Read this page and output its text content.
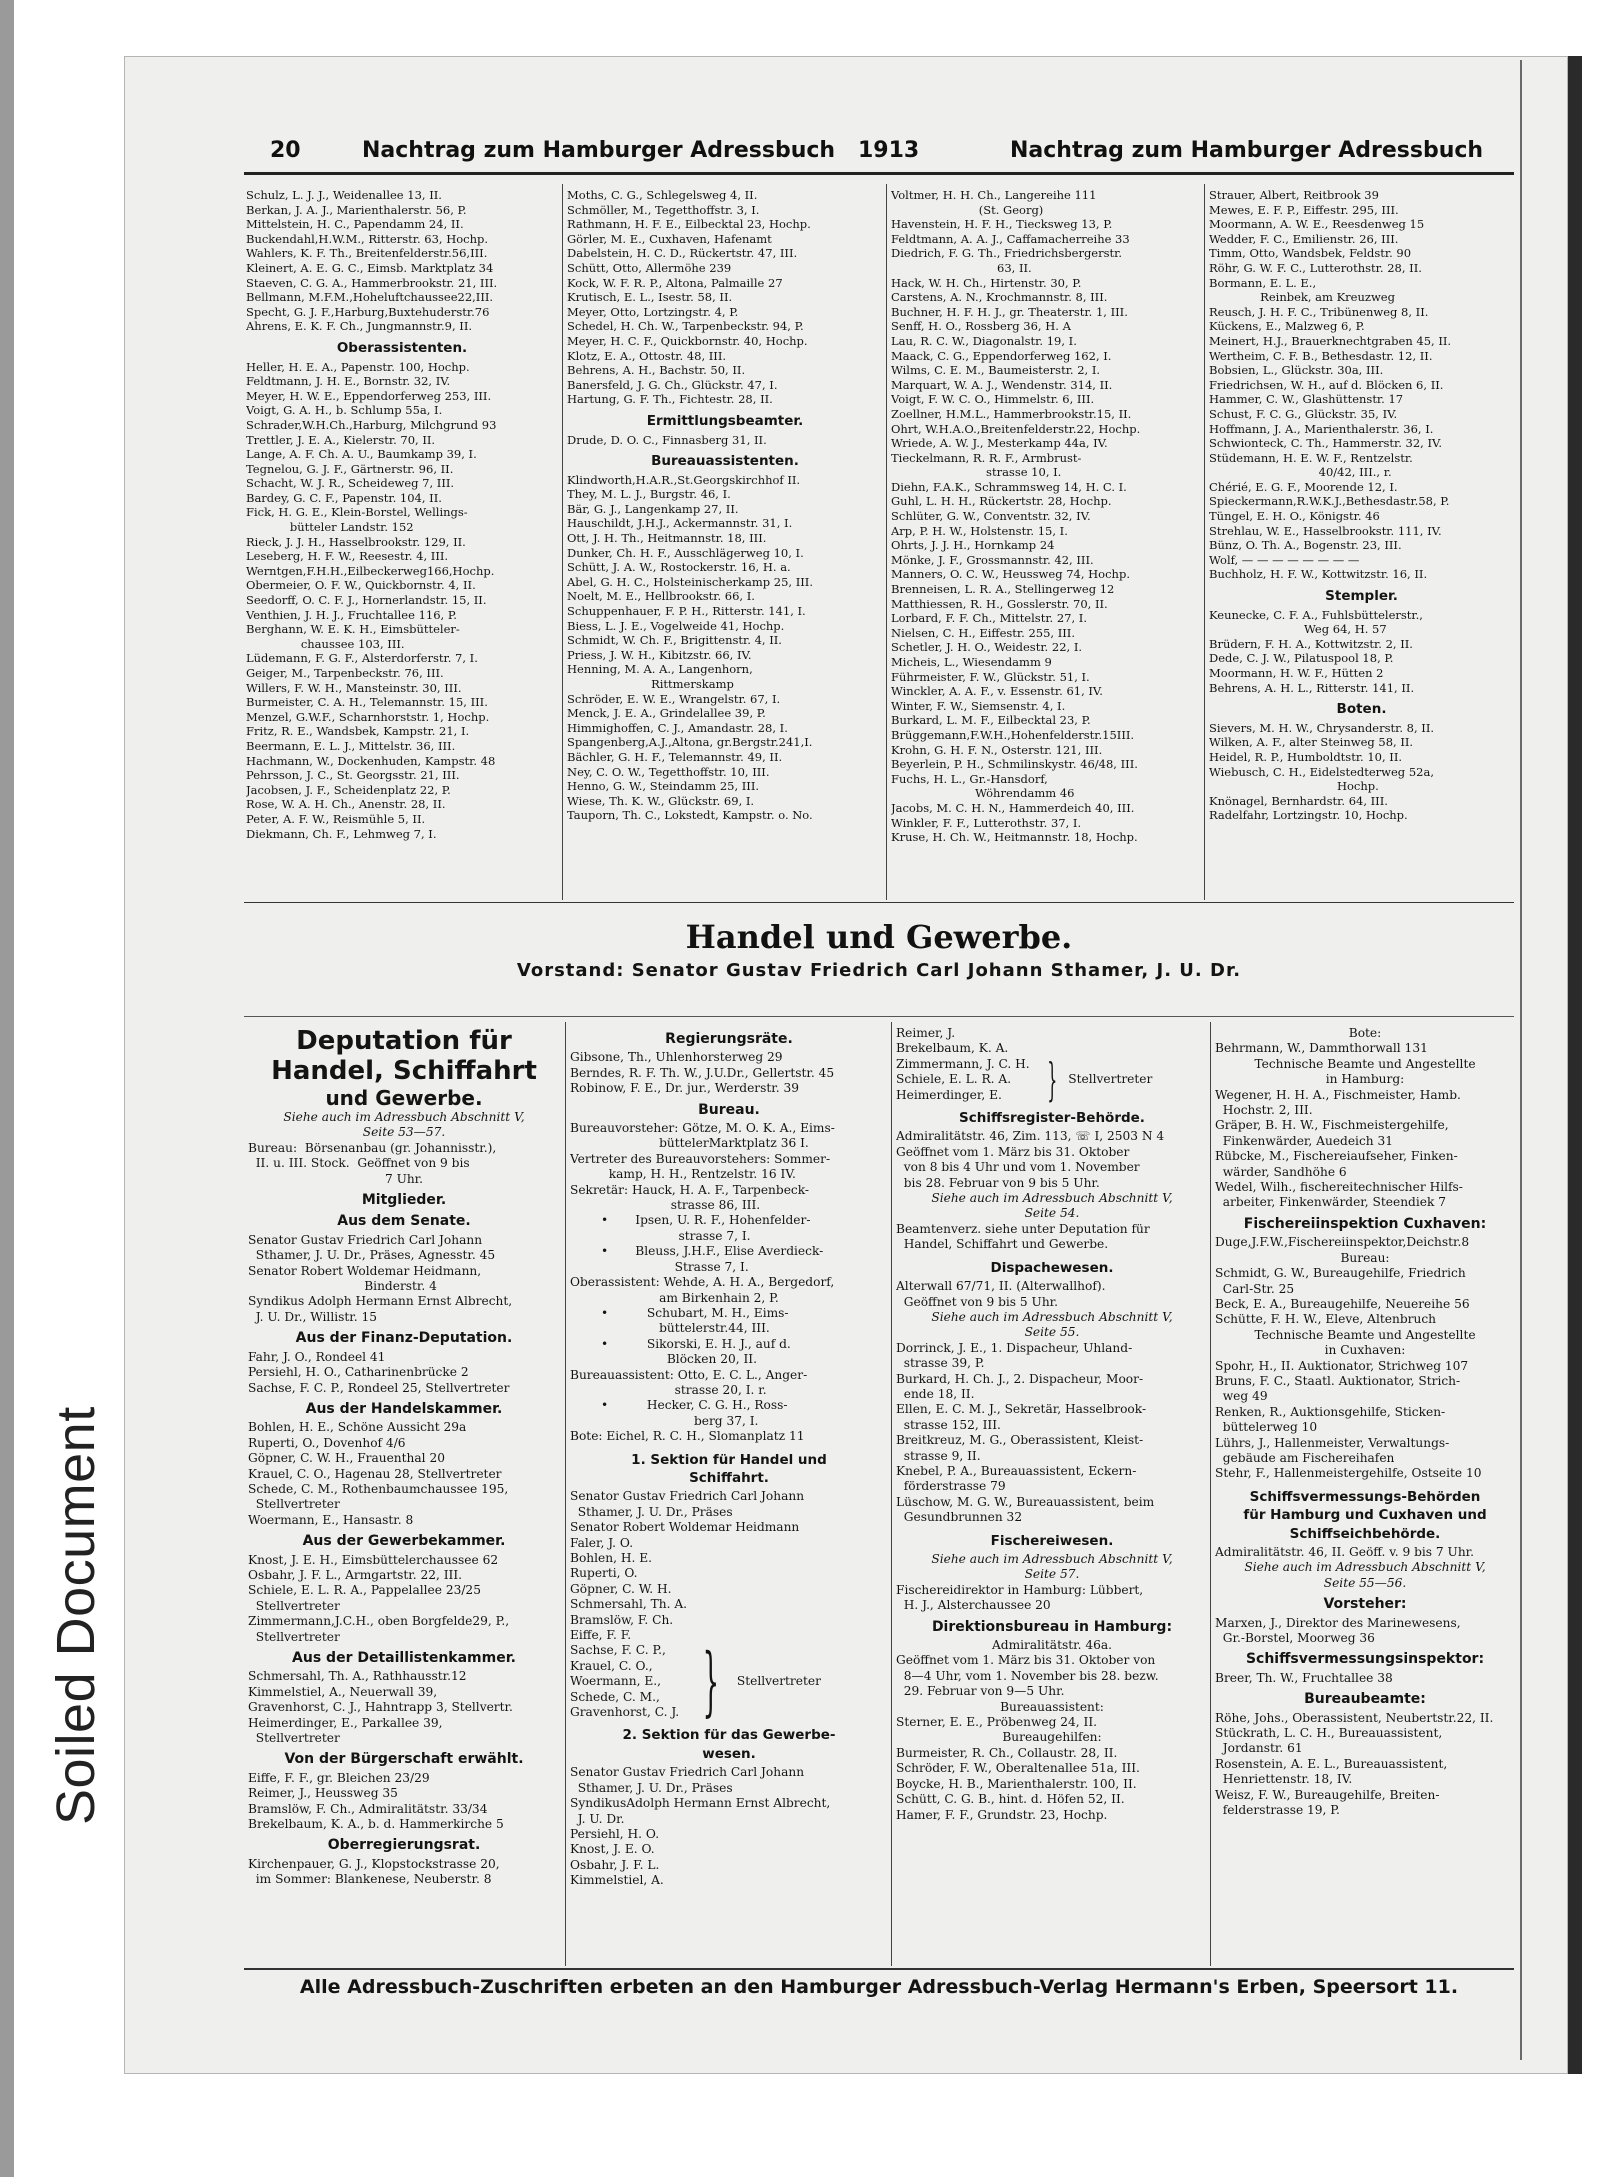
Soiled Document
20	Nachtrag zum Hamburger Adressbuch 1913	Nachtrag zum Hamburger Adressbuch
Schulz, L. J. J., Weidenallee 13, II.
Berkan, J. A. J., Marienthalerstr. 56, P.
Mittelstein, H. C., Papendamm 24, II.
Buckendahl,H.W.M., Ritterstr. 63, Hochp.
Wahlers, K. F. Th., Breitenfelderstr.56,III.
Kleinert, A. E. G. C., Eimsb. Marktplatz 34
Staeven, C. G. A., Hammerbrookstr. 21, III.
Bellmann, M.F.M.,Hoheluftchaussee22,III.
Specht, G. J. F.,Harburg,Buxtehuderstr.76
Ahrens, E. K. F. Ch., Jungmannstr.9, II.
Oberassistenten.
Heller, H. E. A., Papenstr. 100, Hochp.
Feldtmann, J. H. E., Bornstr. 32, IV.
Meyer, H. W. E., Eppendorferweg 253, III.
Voigt, G. A. H., b. Schlump 55a, I.
Schrader,W.H.Ch.,Harburg, Milchgrund 93
Trettler, J. E. A., Kielerstr. 70, II.
Lange, A. F. Ch. A. U., Baumkamp 39, I.
Tegnelou, G. J. F., Gärtnerstr. 96, II.
Schacht, W. J. R., Scheideweg 7, III.
Bardey, G. C. F., Papenstr. 104, II.
Fick, H. G. E., Klein-Borstel, Wellings-
bütteler Landstr. 152
Rieck, J. J. H., Hasselbrookstr. 129, II.
Leseberg, H. F. W., Reesestr. 4, III.
Werntgen,F.H.H.,Eilbeckerweg166,Hochp.
Obermeier, O. F. W., Quickbornstr. 4, II.
Seedorff, O. C. F. J., Hornerlandstr. 15, II.
Venthien, J. H. J., Fruchtallee 116, P.
Berghann, W. E. K. H., Eimsbütteler-
chaussee 103, III.
Lüdemann, F. G. F., Alsterdorferstr. 7, I.
Geiger, M., Tarpenbeckstr. 76, III.
Willers, F. W. H., Mansteinstr. 30, III.
Burmeister, C. A. H., Telemannstr. 15, III.
Menzel, G.W.F., Scharnhorststr. 1, Hochp.
Fritz, R. E., Wandsbek, Kampstr. 21, I.
Beermann, E. L. J., Mittelstr. 36, III.
Hachmann, W., Dockenhuden, Kampstr. 48
Pehrsson, J. C., St. Georgsstr. 21, III.
Jacobsen, J. F., Scheidenplatz 22, P.
Rose, W. A. H. Ch., Anenstr. 28, II.
Peter, A. F. W., Reismühle 5, II.
Diekmann, Ch. F., Lehmweg 7, I.
Moths, C. G., Schlegelsweg 4, II.
Schmöller, M., Tegetthoffstr. 3, I.
Rathmann, H. F. E., Eilbecktal 23, Hochp.
Görler, M. E., Cuxhaven, Hafenamt
Dabelstein, H. C. D., Rückertstr. 47, III.
Schütt, Otto, Allermöhe 239
Kock, W. F. R. P., Altona, Palmaille 27
Krutisch, E. L., Isestr. 58, II.
Meyer, Otto, Lortzingstr. 4, P.
Schedel, H. Ch. W., Tarpenbeckstr. 94, P.
Meyer, H. C. F., Quickbornstr. 40, Hochp.
Klotz, E. A., Ottostr. 48, III.
Behrens, A. H., Bachstr. 50, II.
Banersfeld, J. G. Ch., Glückstr. 47, I.
Hartung, G. F. Th., Fichtestr. 28, II.
Ermittlungsbeamter.
Drude, D. O. C., Finnasberg 31, II.
Bureauassistenten.
Klindworth,H.A.R.,St.Georgskirchhof II.
They, M. L. J., Burgstr. 46, I.
Bär, G. J., Langenkamp 27, II.
Hauschildt, J.H.J., Ackermannstr. 31, I.
Ott, J. H. Th., Heitmannstr. 18, III.
Dunker, Ch. H. F., Ausschlägerweg 10, I.
Schütt, J. A. W., Rostockerstr. 16, H. a.
Abel, G. H. C., Holsteinischerkamp 25, III.
Noelt, M. E., Hellbrookstr. 66, I.
Schuppenhauer, F. P. H., Ritterstr. 141, I.
Biess, L. J. E., Vogelweide 41, Hochp.
Schmidt, W. Ch. F., Brigittenstr. 4, II.
Priess, J. W. H., Kibitzstr. 66, IV.
Henning, M. A. A., Langenhorn,
Rittmerskamp
Schröder, E. W. E., Wrangelstr. 67, I.
Menck, J. E. A., Grindelallee 39, P.
Himmighoffen, C. J., Amandastr. 28, I.
Spangenberg,A.J.,Altona, gr.Bergstr.241,I.
Bächler, G. H. F., Telemannstr. 49, II.
Ney, C. O. W., Tegetthoffstr. 10, III.
Henno, G. W., Steindamm 25, III.
Wiese, Th. K. W., Glückstr. 69, I.
Tauporn, Th. C., Lokstedt, Kampstr. o. No.
Voltmer, H. H. Ch., Langereihe 111
(St. Georg)
Havenstein, H. F. H., Tiecksweg 13, P.
Feldtmann, A. A. J., Caffamacherreihe 33
Diedrich, F. G. Th., Friedrichsbergerstr.
63, II.
Hack, W. H. Ch., Hirtenstr. 30, P.
Carstens, A. N., Krochmannstr. 8, III.
Buchner, H. F. H. J., gr. Theaterstr. 1, III.
Senff, H. O., Rossberg 36, H. A
Lau, R. C. W., Diagonalstr. 19, I.
Maack, C. G., Eppendorferweg 162, I.
Wilms, C. E. M., Baumeisterstr. 2, I.
Marquart, W. A. J., Wendenstr. 314, II.
Voigt, F. W. C. O., Himmelstr. 6, III.
Zoellner, H.M.L., Hammerbrookstr.15, II.
Ohrt, W.H.A.O.,Breitenfelderstr.22, Hochp.
Wriede, A. W. J., Mesterkamp 44a, IV.
Tieckelmann, R. R. F., Armbrust-
strasse 10, I.
Diehn, F.A.K., Schrammsweg 14, H. C. I.
Guhl, L. H. H., Rückertstr. 28, Hochp.
Schlüter, G. W., Conventstr. 32, IV.
Arp, P. H. W., Holstenstr. 15, I.
Ohrts, J. J. H., Hornkamp 24
Mönke, J. F., Grossmannstr. 42, III.
Manners, O. C. W., Heussweg 74, Hochp.
Brenneisen, L. R. A., Stellingerweg 12
Matthiessen, R. H., Gosslerstr. 70, II.
Lorbard, F. F. Ch., Mittelstr. 27, I.
Nielsen, C. H., Eiffestr. 255, III.
Schetler, J. H. O., Weidestr. 22, I.
Micheis, L., Wiesendamm 9
Führmeister, F. W., Glückstr. 51, I.
Winckler, A. A. F., v. Essenstr. 61, IV.
Winter, F. W., Siemsenstr. 4, I.
Burkard, L. M. F., Eilbecktal 23, P.
Brüggemann,F.W.H.,Hohenfelderstr.15III.
Krohn, G. H. F. N., Osterstr. 121, III.
Beyerlein, P. H., Schmilinskystr. 46/48, III.
Fuchs, H. L., Gr.-Hansdorf,
Wöhrendamm 46
Jacobs, M. C. H. N., Hammerdeich 40, III.
Winkler, F. F., Lutterothstr. 37, I.
Kruse, H. Ch. W., Heitmannstr. 18, Hochp.
Strauer, Albert, Reitbrook 39
Mewes, E. F. P., Eiffestr. 295, III.
Moormann, A. W. E., Reesdenweg 15
Wedder, F. C., Emilienstr. 26, III.
Timm, Otto, Wandsbek, Feldstr. 90
Röhr, G. W. F. C., Lutterothstr. 28, II.
Bormann, E. L. E.,
Reinbek, am Kreuzweg
Reusch, J. H. F. C., Tribünenweg 8, II.
Kückens, E., Malzweg 6, P.
Meinert, H.J., Brauerknechtgraben 45, II.
Wertheim, C. F. B., Bethesdastr. 12, II.
Bobsien, L., Glückstr. 30a, III.
Friedrichsen, W. H., auf d. Blöcken 6, II.
Hammer, C. W., Glashüttenstr. 17
Schust, F. C. G., Glückstr. 35, IV.
Hoffmann, J. A., Marienthalerstr. 36, I.
Schwionteck, C. Th., Hammerstr. 32, IV.
Stüdemann, H. E. W. F., Rentzelstr.
40/42, III., r.
Chérié, E. G. F., Moorende 12, I.
Spieckermann,R.W.K.J.,Bethesdastr.58, P.
Tüngel, E. H. O., Königstr. 46
Strehlau, W. E., Hasselbrookstr. 111, IV.
Bünz, O. Th. A., Bogenstr. 23, III.
Wolf, — — — — — — — —
Buchholz, H. F. W., Kottwitzstr. 16, II.
Stempler.
Keunecke, C. F. A., Fuhlsbüttelerstr.,
Weg 64, H. 57
Brüdern, F. H. A., Kottwitzstr. 2, II.
Dede, C. J. W., Pilatuspool 18, P.
Moormann, H. W. F., Hütten 2
Behrens, A. H. L., Ritterstr. 141, II.
Boten.
Sievers, M. H. W., Chrysanderstr. 8, II.
Wilken, A. F., alter Steinweg 58, II.
Heidel, R. P., Humboldtstr. 10, II.
Wiebusch, C. H., Eidelstedterweg 52a,
Hochp.
Knönagel, Bernhardstr. 64, III.
Radelfahr, Lortzingstr. 10, Hochp.
Handel und Gewerbe.
Vorstand: Senator Gustav Friedrich Carl Johann Sthamer, J. U. Dr.
Deputation für
Handel, Schiffahrt
und Gewerbe.
Siehe auch im Adressbuch Abschnitt V,
Seite 53—57.
Bureau:  Börsenanbau (gr. Johannisstr.),
II. u. III. Stock.  Geöffnet von 9 bis
7 Uhr.
Mitglieder.
Aus dem Senate.
Senator Gustav Friedrich Carl Johann
Sthamer, J. U. Dr., Präses, Agnesstr. 45
Senator Robert Woldemar Heidmann,
Binderstr. 4
Syndikus Adolph Hermann Ernst Albrecht,
J. U. Dr., Willistr. 15
Aus der Finanz-Deputation.
Fahr, J. O., Rondeel 41
Persiehl, H. O., Catharinenbrücke 2
Sachse, F. C. P., Rondeel 25, Stellvertreter
Aus der Handelskammer.
Bohlen, H. E., Schöne Aussicht 29a
Ruperti, O., Dovenhof 4/6
Göpner, C. W. H., Frauenthal 20
Krauel, C. O., Hagenau 28, Stellvertreter
Schede, C. M., Rothenbaumchaussee 195,
Stellvertreter
Woermann, E., Hansastr. 8
Aus der Gewerbekammer.
Knost, J. E. H., Eimsbüttelerchaussee 62
Osbahr, J. F. L., Armgartstr. 22, III.
Schiele, E. L. R. A., Pappelallee 23/25
Stellvertreter
Zimmermann,J.C.H., oben Borgfelde29, P.,
Stellvertreter
Aus der Detaillistenkammer.
Schmersahl, Th. A., Rathhausstr.12
Kimmelstiel, A., Neuerwall 39,
Gravenhorst, C. J., Hahntrapp 3, Stellvertr.
Heimerdinger, E., Parkallee 39,
Stellvertreter
Von der Bürgerschaft erwählt.
Eiffe, F. F., gr. Bleichen 23/29
Reimer, J., Heussweg 35
Bramslöw, F. Ch., Admiralitätstr. 33/34
Brekelbaum, K. A., b. d. Hammerkirche 5
Oberregierungsrat.
Kirchenpauer, G. J., Klopstockstrasse 20,
im Sommer: Blankenese, Neuberstr. 8
Regierungsräte.
Gibsone, Th., Uhlenhorsterweg 29
Berndes, R. F. Th. W., J.U.Dr., Gellertstr. 45
Robinow, F. E., Dr. jur., Werderstr. 39
Bureau.
Bureauvorsteher: Götze, M. O. K. A., Eims-
büttelerMarktplatz 36 I.
Vertreter des Bureauvorstehers: Sommer-
kamp, H. H., Rentzelstr. 16 IV.
Sekretär: Hauck, H. A. F., Tarpenbeck-
strasse 86, III.
•       Ipsen, U. R. F., Hohenfelder-
strasse 7, I.
•       Bleuss, J.H.F., Elise Averdieck-
Strasse 7, I.
Oberassistent: Wehde, A. H. A., Bergedorf,
am Birkenhain 2, P.
•          Schubart, M. H., Eims-
büttelerstr.44, III.
•          Sikorski, E. H. J., auf d.
Blöcken 20, II.
Bureauassistent: Otto, E. C. L., Anger-
strasse 20, I. r.
•          Hecker, C. G. H., Ross-
berg 37, I.
Bote: Eichel, R. C. H., Slomanplatz 11
1. Sektion für Handel und
Schiffahrt.
Senator Gustav Friedrich Carl Johann
Sthamer, J. U. Dr., Präses
Senator Robert Woldemar Heidmann
Faler, J. O.
Bohlen, H. E.
Ruperti, O.
Göpner, C. W. H.
Schmersahl, Th. A.
Bramslöw, F. Ch.
Eiffe, F. F.
Sachse, F. C. P.,
Krauel, C. O.,
Woermann, E.,
Schede, C. M.,
Gravenhorst, C. J. } Stellvertreter
2. Sektion für das Gewerbe-
wesen.
Senator Gustav Friedrich Carl Johann
Sthamer, J. U. Dr., Präses
SyndikusAdolph Hermann Ernst Albrecht,
J. U. Dr.
Persiehl, H. O.
Knost, J. E. O.
Osbahr, J. F. L.
Kimmelstiel, A.
Reimer, J.
Brekelbaum, K. A.
Zimmermann, J. C. H.
Schiele, E. L. R. A.
Heimerdinger, E.	} Stellvertreter
Schiffsregister-Behörde.
Admiralitätstr. 46, Zim. 113, ☏ I, 2503 N 4
Geöffnet vom 1. März bis 31. Oktober
von 8 bis 4 Uhr und vom 1. November
bis 28. Februar von 9 bis 5 Uhr.
Siehe auch im Adressbuch Abschnitt V,
Seite 54.
Beamtenverz. siehe unter Deputation für
Handel, Schiffahrt und Gewerbe.
Dispachewesen.
Alterwall 67/71, II. (Alterwallhof).
Geöffnet von 9 bis 5 Uhr.
Siehe auch im Adressbuch Abschnitt V,
Seite 55.
Dorrinck, J. E., 1. Dispacheur, Uhland-
strasse 39, P.
Burkard, H. Ch. J., 2. Dispacheur, Moor-
ende 18, II.
Ellen, E. C. M. J., Sekretär, Hasselbrook-
strasse 152, III.
Breitkreuz, M. G., Oberassistent, Kleist-
strasse 9, II.
Knebel, P. A., Bureauassistent, Eckern-
förderstrasse 79
Lüschow, M. G. W., Bureauassistent, beim
Gesundbrunnen 32
Fischereiwesen.
Siehe auch im Adressbuch Abschnitt V,
Seite 57.
Fischereidirektor in Hamburg: Lübbert,
H. J., Alsterchaussee 20
Direktionsbureau in Hamburg:
Admiralitätstr. 46a.
Geöffnet vom 1. März bis 31. Oktober von
8—4 Uhr, vom 1. November bis 28. bezw.
29. Februar von 9—5 Uhr.
Bureauassistent:
Sterner, E. E., Pröbenweg 24, II.
Bureaugehilfen:
Burmeister, R. Ch., Collaustr. 28, II.
Schröder, F. W., Oberaltenallee 51a, III.
Boycke, H. B., Marienthalerstr. 100, II.
Schütt, C. G. B., hint. d. Höfen 52, II.
Hamer, F. F., Grundstr. 23, Hochp.
Bote:
Behrmann, W., Dammthorwall 131
Technische Beamte und Angestellte
in Hamburg:
Wegener, H. H. A., Fischmeister, Hamb.
Hochstr. 2, III.
Gräper, B. H. W., Fischmeistergehilfe,
Finkenwärder, Auedeich 31
Rübcke, M., Fischereiaufseher, Finken-
wärder, Sandhöhe 6
Wedel, Wilh., fischereitechnischer Hilfs-
arbeiter, Finkenwärder, Steendiek 7
Fischereiinspektion Cuxhaven:
Duge,J.F.W.,Fischereiinspektor,Deichstr.8
Bureau:
Schmidt, G. W., Bureaugehilfe, Friedrich
Carl-Str. 25
Beck, E. A., Bureaugehilfe, Neuereihe 56
Schütte, F. H. W., Eleve, Altenbruch
Technische Beamte und Angestellte
in Cuxhaven:
Spohr, H., II. Auktionator, Strichweg 107
Bruns, F. C., Staatl. Auktionator, Strich-
weg 49
Renken, R., Auktionsgehilfe, Sticken-
büttelerweg 10
Lührs, J., Hallenmeister, Verwaltungs-
gebäude am Fischereihafen
Stehr, F., Hallenmeistergehilfe, Ostseite 10
Schiffsvermessungs-Behörden
für Hamburg und Cuxhaven und
Schiffseichbehörde.
Admiralitätstr. 46, II. Geöff. v. 9 bis 7 Uhr.
Siehe auch im Adressbuch Abschnitt V,
Seite 55—56.
Vorsteher:
Marxen, J., Direktor des Marinewesens,
Gr.-Borstel, Moorweg 36
Schiffsvermessungsinspektor:
Breer, Th. W., Fruchtallee 38
Bureaubeamte:
Röhe, Johs., Oberassistent, Neubertstr.22, II.
Stückrath, L. C. H., Bureauassistent,
Jordanstr. 61
Rosenstein, A. E. L., Bureauassistent,
Henriettenstr. 18, IV.
Weisz, F. W., Bureaugehilfe, Breiten-
felderstrasse 19, P.
Alle Adressbuch-Zuschriften erbeten an den Hamburger Adressbuch-Verlag Hermann's Erben, Speersort 11.
